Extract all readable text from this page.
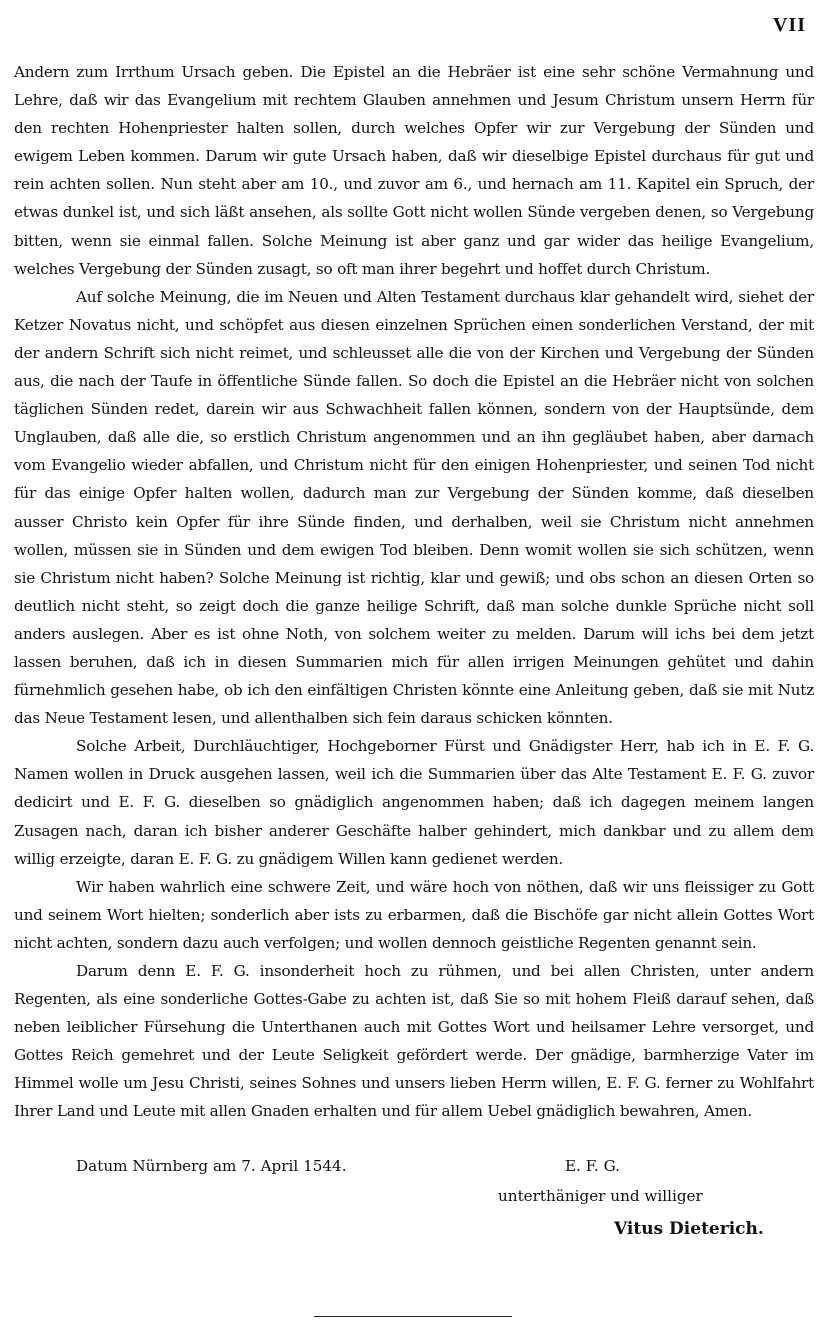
VII

Andern zum Irrthum Ursach geben. Die Epistel an die Hebräer ist eine sehr schöne Vermahnung und Lehre, daß wir das Evangelium mit rechtem Glauben annehmen und Jesum Christum unsern Herrn für den rechten Hohenpriester halten sollen, durch welches Opfer wir zur Vergebung der Sünden und ewigem Leben kommen. Darum wir gute Ursach haben, daß wir dieselbige Epistel durchaus für gut und rein achten sollen. Nun steht aber am 10., und zuvor am 6., und hernach am 11. Kapitel ein Spruch, der etwas dunkel ist, und sich läßt ansehen, als sollte Gott nicht wollen Sünde vergeben denen, so Vergebung bitten, wenn sie einmal fallen. Solche Meinung ist aber ganz und gar wider das heilige Evangelium, welches Vergebung der Sünden zusagt, so oft man ihrer begehrt und hoffet durch Christum.

Auf solche Meinung, die im Neuen und Alten Testament durchaus klar gehandelt wird, siehet der Ketzer Novatus nicht, und schöpfet aus diesen einzelnen Sprüchen einen sonderlichen Verstand, der mit der andern Schrift sich nicht reimet, und schleusset alle die von der Kirchen und Vergebung der Sünden aus, die nach der Taufe in öffentliche Sünde fallen. So doch die Epistel an die Hebräer nicht von solchen täglichen Sünden redet, darein wir aus Schwachheit fallen können, sondern von der Hauptsünde, dem Unglauben, daß alle die, so erstlich Christum angenommen und an ihn gegläubet haben, aber darnach vom Evangelio wieder abfallen, und Christum nicht für den einigen Hohenpriester, und seinen Tod nicht für das einige Opfer halten wollen, dadurch man zur Vergebung der Sünden komme, daß dieselben ausser Christo kein Opfer für ihre Sünde finden, und derhalben, weil sie Christum nicht annehmen wollen, müssen sie in Sünden und dem ewigen Tod bleiben. Denn womit wollen sie sich schützen, wenn sie Christum nicht haben? Solche Meinung ist richtig, klar und gewiß; und obs schon an diesen Orten so deutlich nicht steht, so zeigt doch die ganze heilige Schrift, daß man solche dunkle Sprüche nicht soll anders auslegen. Aber es ist ohne Noth, von solchem weiter zu melden. Darum will ichs bei dem jetzt lassen beruhen, daß ich in diesen Summarien mich für allen irrigen Meinungen gehütet und dahin fürnehmlich gesehen habe, ob ich den einfältigen Christen könnte eine Anleitung geben, daß sie mit Nutz das Neue Testament lesen, und allenthalben sich fein daraus schicken könnten.

Solche Arbeit, Durchläuchtiger, Hochgeborner Fürst und Gnädigster Herr, hab ich in E. F. G. Namen wollen in Druck ausgehen lassen, weil ich die Summarien über das Alte Testament E. F. G. zuvor dedicirt und E. F. G. dieselben so gnädiglich angenommen haben; daß ich dagegen meinem langen Zusagen nach, daran ich bisher anderer Geschäfte halber gehindert, mich dankbar und zu allem dem willig erzeigte, daran E. F. G. zu gnädigem Willen kann gedienet werden.

Wir haben wahrlich eine schwere Zeit, und wäre hoch von nöthen, daß wir uns fleissiger zu Gott und seinem Wort hielten; sonderlich aber ists zu erbarmen, daß die Bischöfe gar nicht allein Gottes Wort nicht achten, sondern dazu auch verfolgen; und wollen dennoch geistliche Regenten genannt sein.

Darum denn E. F. G. insonderheit hoch zu rühmen, und bei allen Christen, unter andern Regenten, als eine sonderliche Gottes-Gabe zu achten ist, daß Sie so mit hohem Fleiß darauf sehen, daß neben leiblicher Fürsehung die Unterthanen auch mit Gottes Wort und heilsamer Lehre versorget, und Gottes Reich gemehret und der Leute Seligkeit gefördert werde. Der gnädige, barmherzige Vater im Himmel wolle um Jesu Christi, seines Sohnes und unsers lieben Herrn willen, E. F. G. ferner zu Wohlfahrt Ihrer Land und Leute mit allen Gnaden erhalten und für allem Uebel gnädiglich bewahren, Amen.

Datum Nürnberg am 7. April 1544.	E. F. G.
unterthäniger und williger
Vitus Dieterich.
